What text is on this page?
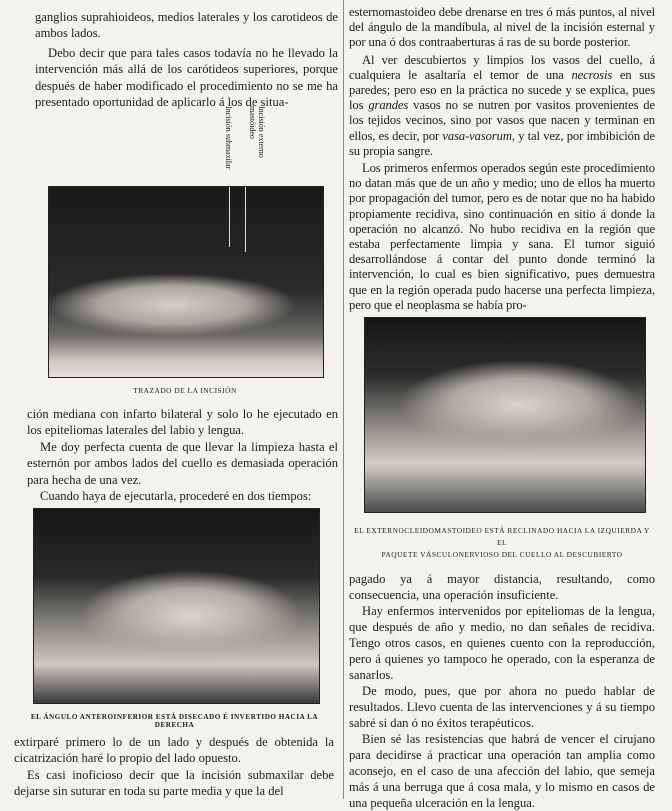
ganglios suprahioideos, medios laterales y los carotideos de ambos lados.

Debo decir que para tales casos todavía no he llevado la intervención más allá de los carótideos superiores, porque después de haber modificado el procedimiento no se me ha presentado oportunidad de aplicarlo á los de situa-

Incisión submaxilar	Incisión externo
mastóideo
TRAZADO DE LA INCISIÓN

ción mediana con infarto bilateral y solo lo he ejecutado en los epiteliomas laterales del labio y lengua.

Me doy perfecta cuenta de que llevar la limpieza hasta el esternón por ambos lados del cuello es demasiada operación para hecha de una vez.

Cuando haya de ejecutarla, procederé en dos tiempos:

EL ÁNGULO ANTEROINFERIOR ESTÁ DISECADO É INVERTIDO HACIA LA DERECHA

extirparé primero lo de un lado y después de obtenida la cicatrización haré lo propio del lado opuesto.

Es casi inoficioso decir que la incisión submaxilar debe dejarse sin suturar en toda su parte media y que la del

esternomastoideo debe drenarse en tres ó más puntos, al nivel del ángulo de la mandíbula, al nivel de la incisión esternal y por una ó dos contraaberturas á ras de su borde posterior.

Al ver descubiertos y limpios los vasos del cuello, á cualquiera le asaltaría el temor de una necrosis en sus paredes; pero eso en la práctica no sucede y se explica, pues los grandes vasos no se nutren por vasitos provenientes de los tejidos vecinos, sino por vasos que nacen y terminan en ellos, es decir, por vasa-vasorum, y tal vez, por imbibición de su propia sangre.

Los primeros enfermos operados según este procedimiento no datan más que de un año y medio; uno de ellos ha muerto por propagación del tumor, pero es de notar que no ha habido propiamente recidiva, sino continuación en sitio á donde la operación no alcanzó. No hubo recidiva en la región que estaba perfectamente limpia y sana. El tumor siguió desarrollándose á contar del punto donde terminó la intervención, lo cual es bien significativo, pues demuestra que en la región operada pudo hacerse una perfecta limpieza, pero que el neoplasma se había pro-

EL EXTERNOCLEIDOMASTOIDEO ESTÁ RECLINADO HACIA LA IZQUIERDA Y EL
PAQUETE VÁSCULONERVIOSO DEL CUELLO AL DESCUBIERTO

pagado ya á mayor distancia, resultando, como consecuencia, una operación insuficiente.

Hay enfermos intervenidos por epiteliomas de la lengua, que después de año y medio, no dan señales de recidiva. Tengo otros casos, en quienes cuento con la reproducción, pero á quienes yo tampoco he operado, con la esperanza de sanarlos.

De modo, pues, que por ahora no puedo hablar de resultados. Llevo cuenta de las intervenciones y á su tiempo sabré si dan ó no éxitos terapéuticos.

Bien sé las resistencias que habrá de vencer el cirujano para decidirse á practicar una operación tan amplia como aconsejo, en el caso de una afección del labio, que semeja más á una berruga que á cosa mala, y lo mismo en casos de una pequeña ulceración en la lengua.
